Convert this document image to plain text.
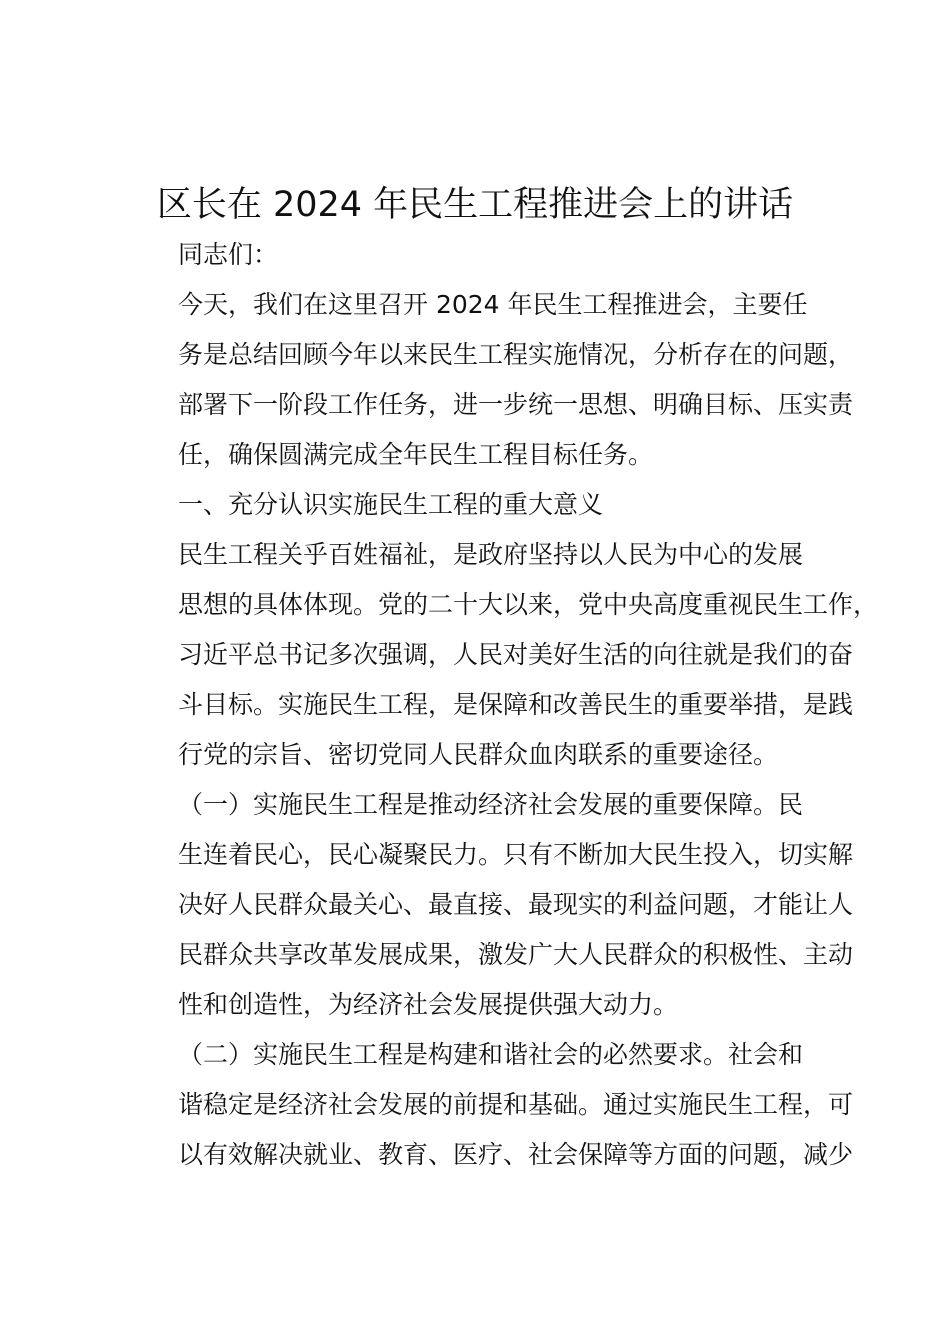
区长在 2024 年民生工程推进会上的讲话

同志们：

今天，我们在这里召开 2024 年民生工程推进会，主要任
务是总结回顾今年以来民生工程实施情况，分析存在的问题，
部署下一阶段工作任务，进一步统一思想、明确目标、压实责
任，确保圆满完成全年民生工程目标任务。

一、充分认识实施民生工程的重大意义

民生工程关乎百姓福祉，是政府坚持以人民为中心的发展
思想的具体体现。党的二十大以来，党中央高度重视民生工作，
习近平总书记多次强调，人民对美好生活的向往就是我们的奋
斗目标。实施民生工程，是保障和改善民生的重要举措，是践
行党的宗旨、密切党同人民群众血肉联系的重要途径。

（一）实施民生工程是推动经济社会发展的重要保障。民
生连着民心，民心凝聚民力。只有不断加大民生投入，切实解
决好人民群众最关心、最直接、最现实的利益问题，才能让人
民群众共享改革发展成果，激发广大人民群众的积极性、主动
性和创造性，为经济社会发展提供强大动力。

（二）实施民生工程是构建和谐社会的必然要求。社会和
谐稳定是经济社会发展的前提和基础。通过实施民生工程，可
以有效解决就业、教育、医疗、社会保障等方面的问题，减少
